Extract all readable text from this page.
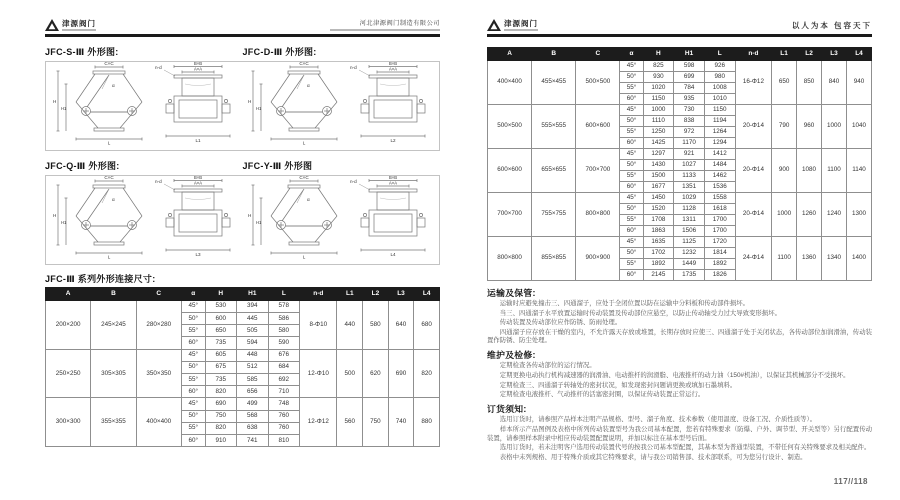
津源阀门	河北津源阀门制造有限公司
JFC-S-Ⅲ 外形图:	JFC-D-Ⅲ 外形图:
C×C
α
H
H1
L
B×B
A×A
n-d
L1
C×C
α
H
H1
L
B×B
A×A
n-d
L2
JFC-Q-Ⅲ 外形图:	JFC-Y-Ⅲ 外形图
C×C
α
H
H1
L
B×B
A×A
n-d
L3
C×C
α
H
H1
L
B×B
A×A
n-d
L4
JFC-Ⅲ 系列外形连接尺寸:
A	B	C	α	H	H1	L	n-d	L1	L2	L3	L4
200×200	245×245	280×280	45°	530	394	578	8-Φ10	440	580	640	680
			50°	600	445	586					
			55°	650	505	580					
			60°	735	594	590					
250×250	305×305	350×350	45°	605	448	676	12-Φ10	500	620	690	820
			50°	675	512	684					
			55°	735	585	692					
			60°	820	656	710					
300×300	355×355	400×400	45°	690	499	748	12-Φ12	560	750	740	880
			50°	750	568	760					
			55°	820	638	760					
			60°	910	741	810					
津源阀门	以人为本 包容天下
A	B	C	α	H	H1	L	n-d	L1	L2	L3	L4
400×400	455×455	500×500	45°	825	598	926	16-Φ12	650	850	840	940
			50°	930	699	980					
			55°	1020	784	1008					
			60°	1150	935	1010					
500×500	555×555	600×600	45°	1000	730	1150	20-Φ14	790	960	1000	1040
			50°	1110	838	1194					
			55°	1250	972	1264					
			60°	1425	1170	1294					
600×600	655×655	700×700	45°	1297	921	1412	20-Φ14	900	1080	1100	1140
			50°	1430	1027	1484					
			55°	1500	1133	1462					
			60°	1677	1351	1536					
700×700	755×755	800×800	45°	1450	1029	1558	20-Φ14	1000	1260	1240	1300
			50°	1520	1128	1618					
			55°	1708	1311	1700					
			60°	1863	1506	1700					
800×800	855×855	900×900	45°	1635	1125	1720	24-Φ14	1100	1360	1340	1400
			50°	1702	1232	1814					
			55°	1892	1449	1892					
			60°	2145	1735	1826					
运输及保管:

运输时应避免撞击三、四通溜子，应处于全闭位置以防在运输中分料板和传动部件损坏。

当三、四通溜子水平放置运输时传动装置及传动部位应悬空，以防止传动轴受力过大导致变形损坏。

传动装置及传动部位应作防锈、防雨处理。

四通溜子应存放在干燥的室内，不允许露天存放或堆置，长期存放时应使三、四通溜子处于关闭状态，各传动部位加润滑油，传动装置作防锈、防尘处理。

维护及检修:

定期检查各传动部位的运行情况。

定期更换电动执行机构减速器的润滑油、电动推杆的润滑脂、电液推杆的动力油（150#机油），以保证其机械部分不受损坏。

定期检查三、四通溜子转轴处的密封状况，如发现密封问题请更换或填加石墨填料。

定期检查电液推杆、气动推杆的活塞密封圈，以保证传动装置正常运行。

订货须知:

选用订货时，请参照产品样本注明产品规格、型号、溜子角度、技术参数（使用温度、设备工况、介质性质等）。

样本所示产品图例及表格中所列传动装置型号为我公司基本配置，您若有特殊要求（防爆、户外、调节型、开关型等）另行配置传动装置，请参照样本附录中相应传动装置配置说明，并加以标注在基本型号后面。

选用订货时，若未注明客户选用传动装置代号的按我公司基本型配置，其基本型为普通型装置，不带任何有关特殊要求及相关配件。

表格中未列规格、用于特殊介质或其它特殊要求，请与我公司销售部、技术部联系，可为您另行设计、制造。

117//118
